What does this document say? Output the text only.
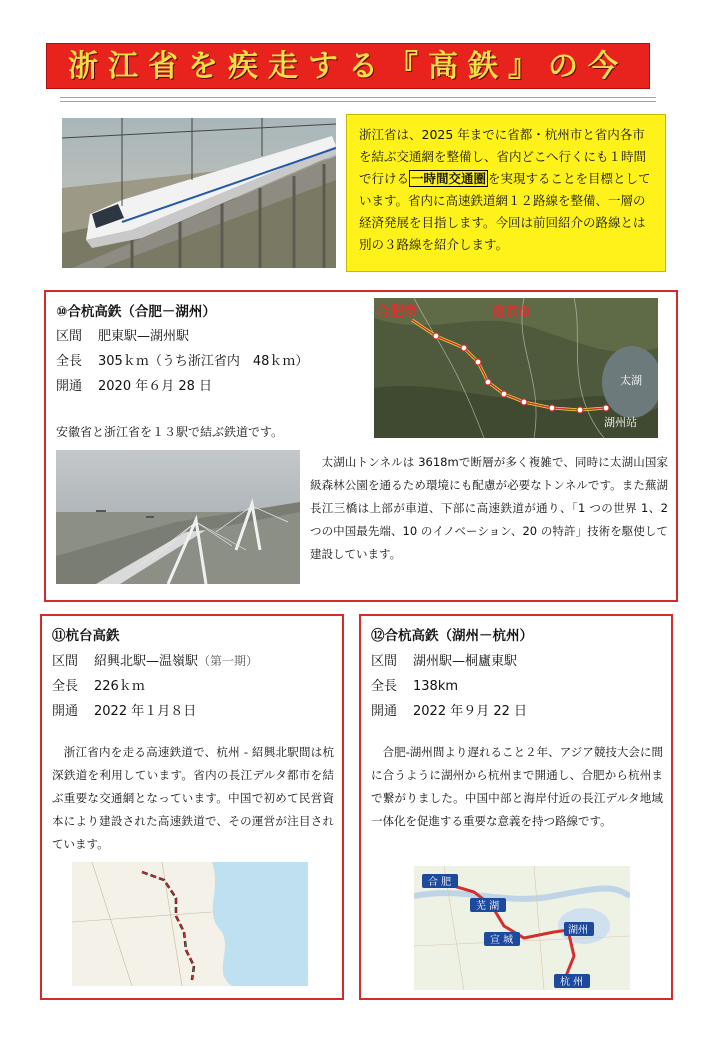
浙江省を疾走する『高鉄』の今
浙江省は、2025 年までに省都・杭州市と省内各市を結ぶ交通網を整備し、省内どこへ行くにも１時間で行ける 一時間交通圏 を実現することを目標としています。省内に高速鉄道網１２路線を整備、一層の経済発展を目指します。今回は前回紹介の路線とは別の３路線を紹介します。
⑩合杭高鉄（合肥－湖州）
区間 肥東駅—湖州駅
全長 305ｋｍ（うち浙江省内　48ｋｍ）
開通 2020 年６月 28 日
安徽省と浙江省を１３駅で結ぶ鉄道です。
合肥市	南京市
太湖
湖州站
　太湖山トンネルは 3618mで断層が多く複雑で、同時に太湖山国家級森林公園を通るため環境にも配慮が必要なトンネルです。また蕪湖長江三橋は上部が車道、下部に高速鉄道が通り、「1 つの世界 1、2 つの中国最先端、10 のイノベーション、20 の特許」技術を駆使して建設しています。
⑪杭台高鉄
区間 紹興北駅—温嶺駅（第一期）
全長 226ｋｍ
開通 2022 年１月８日
　浙江省内を走る高速鉄道で、杭州 - 紹興北駅間は杭深鉄道を利用しています。省内の長江デルタ都市を結ぶ重要な交通網となっています。中国で初めて民営資本により建設された高速鉄道で、その運営が注目されています。
⑫合杭高鉄（湖州－杭州）
区間 湖州駅—桐廬東駅
全長 138km
開通 2022 年９月 22 日
　合肥-湖州間より遅れること２年、アジア競技大会に間に合うように湖州から杭州まで開通し、合肥から杭州まで繋がりました。中国中部と海岸付近の長江デルタ地域一体化を促進する重要な意義を持つ路線です。
合 肥
芜 湖
宣 城
湖州
杭 州
